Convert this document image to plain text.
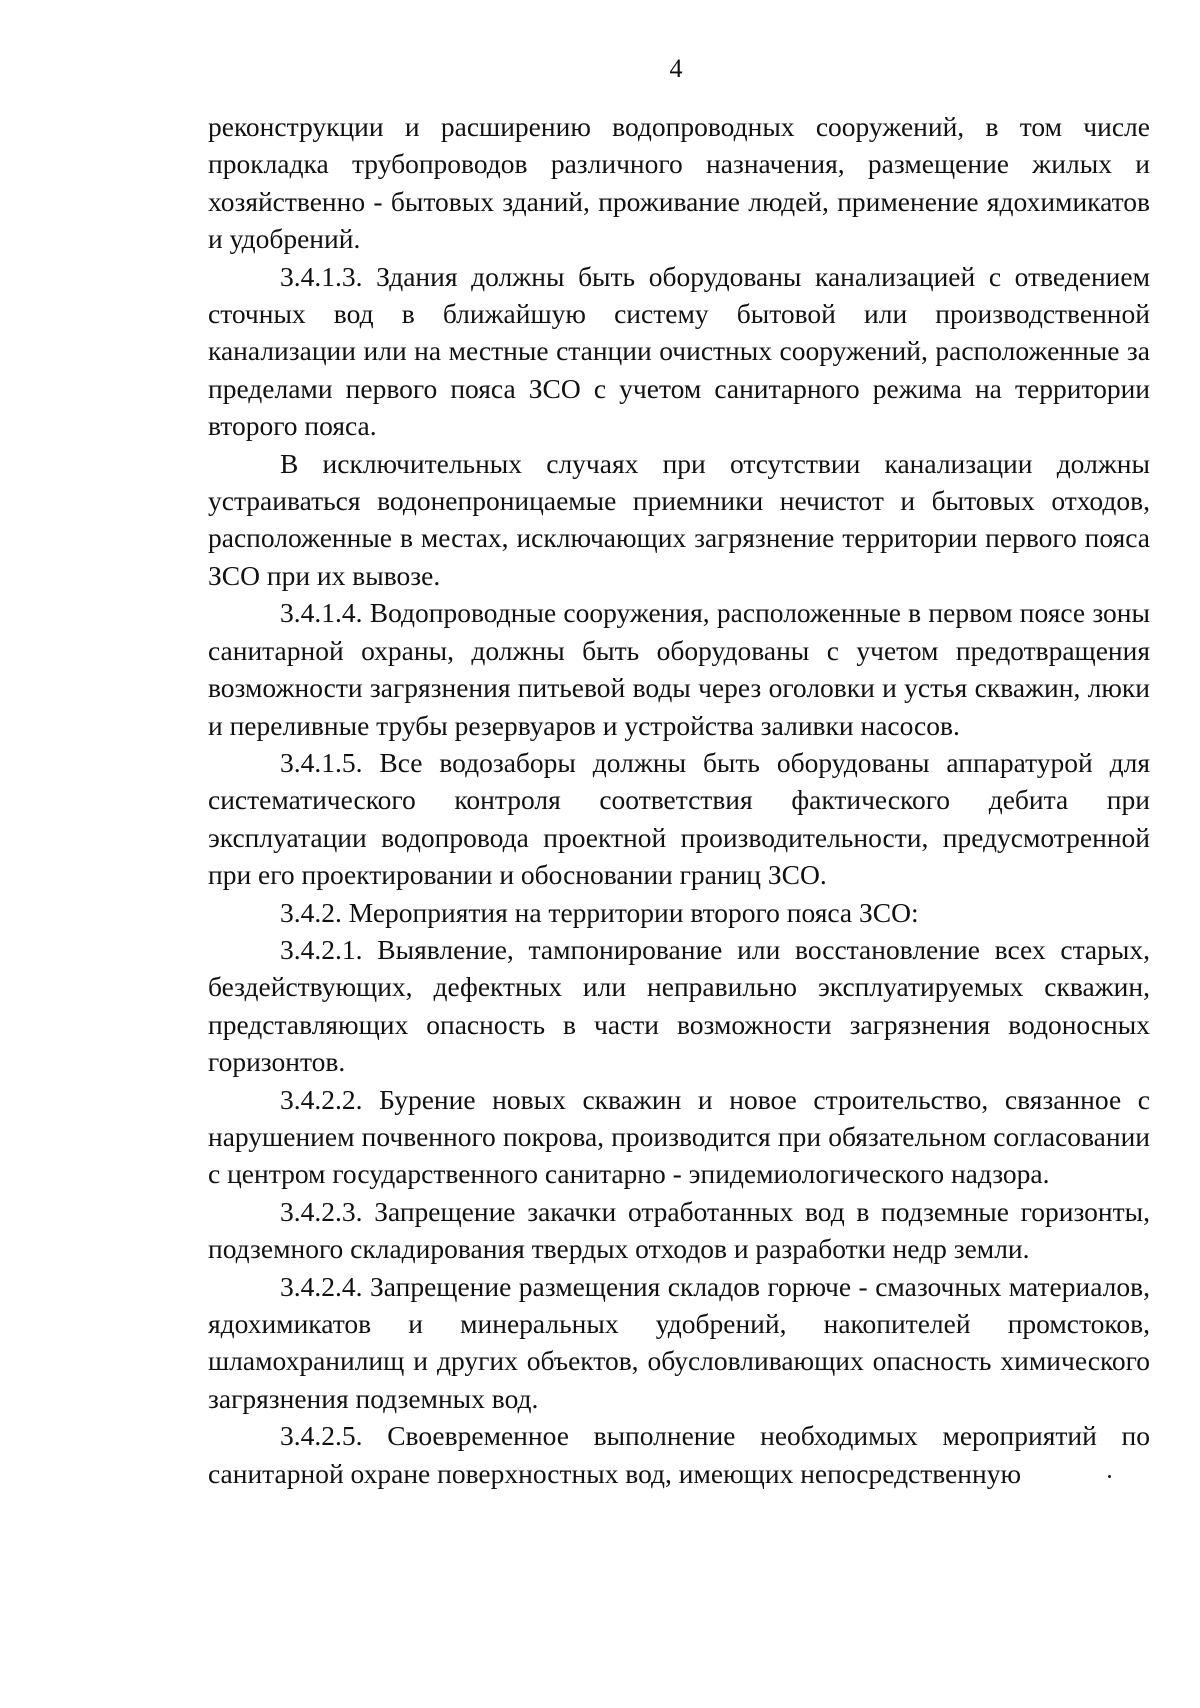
4

реконструкции и расширению водопроводных сооружений, в том числе прокладка трубопроводов различного назначения, размещение жилых и хозяйственно - бытовых зданий, проживание людей, применение ядохимикатов и удобрений.

3.4.1.3. Здания должны быть оборудованы канализацией с отведением сточных вод в ближайшую систему бытовой или производственной канализации или на местные станции очистных сооружений, расположенные за пределами первого пояса ЗСО с учетом санитарного режима на территории второго пояса.

В исключительных случаях при отсутствии канализации должны устраиваться водонепроницаемые приемники нечистот и бытовых отходов, расположенные в местах, исключающих загрязнение территории первого пояса ЗСО при их вывозе.

3.4.1.4. Водопроводные сооружения, расположенные в первом поясе зоны санитарной охраны, должны быть оборудованы с учетом предотвращения возможности загрязнения питьевой воды через оголовки и устья скважин, люки и переливные трубы резервуаров и устройства заливки насосов.

3.4.1.5. Все водозаборы должны быть оборудованы аппаратурой для систематического контроля соответствия фактического дебита при эксплуатации водопровода проектной производительности, предусмотренной при его проектировании и обосновании границ ЗСО.

3.4.2. Мероприятия на территории второго пояса ЗСО:

3.4.2.1. Выявление, тампонирование или восстановление всех старых, бездействующих, дефектных или неправильно эксплуатируемых скважин, представляющих опасность в части возможности загрязнения водоносных горизонтов.

3.4.2.2. Бурение новых скважин и новое строительство, связанное с нарушением почвенного покрова, производится при обязательном согласовании с центром государственного санитарно - эпидемиологического надзора.

3.4.2.3. Запрещение закачки отработанных вод в подземные горизонты, подземного складирования твердых отходов и разработки недр земли.

3.4.2.4. Запрещение размещения складов горюче - смазочных материалов, ядохимикатов и минеральных удобрений, накопителей промстоков, шламохранилищ и других объектов, обусловливающих опасность химического загрязнения подземных вод.

3.4.2.5. Своевременное выполнение необходимых мероприятий по санитарной охране поверхностных вод, имеющих непосредственную
